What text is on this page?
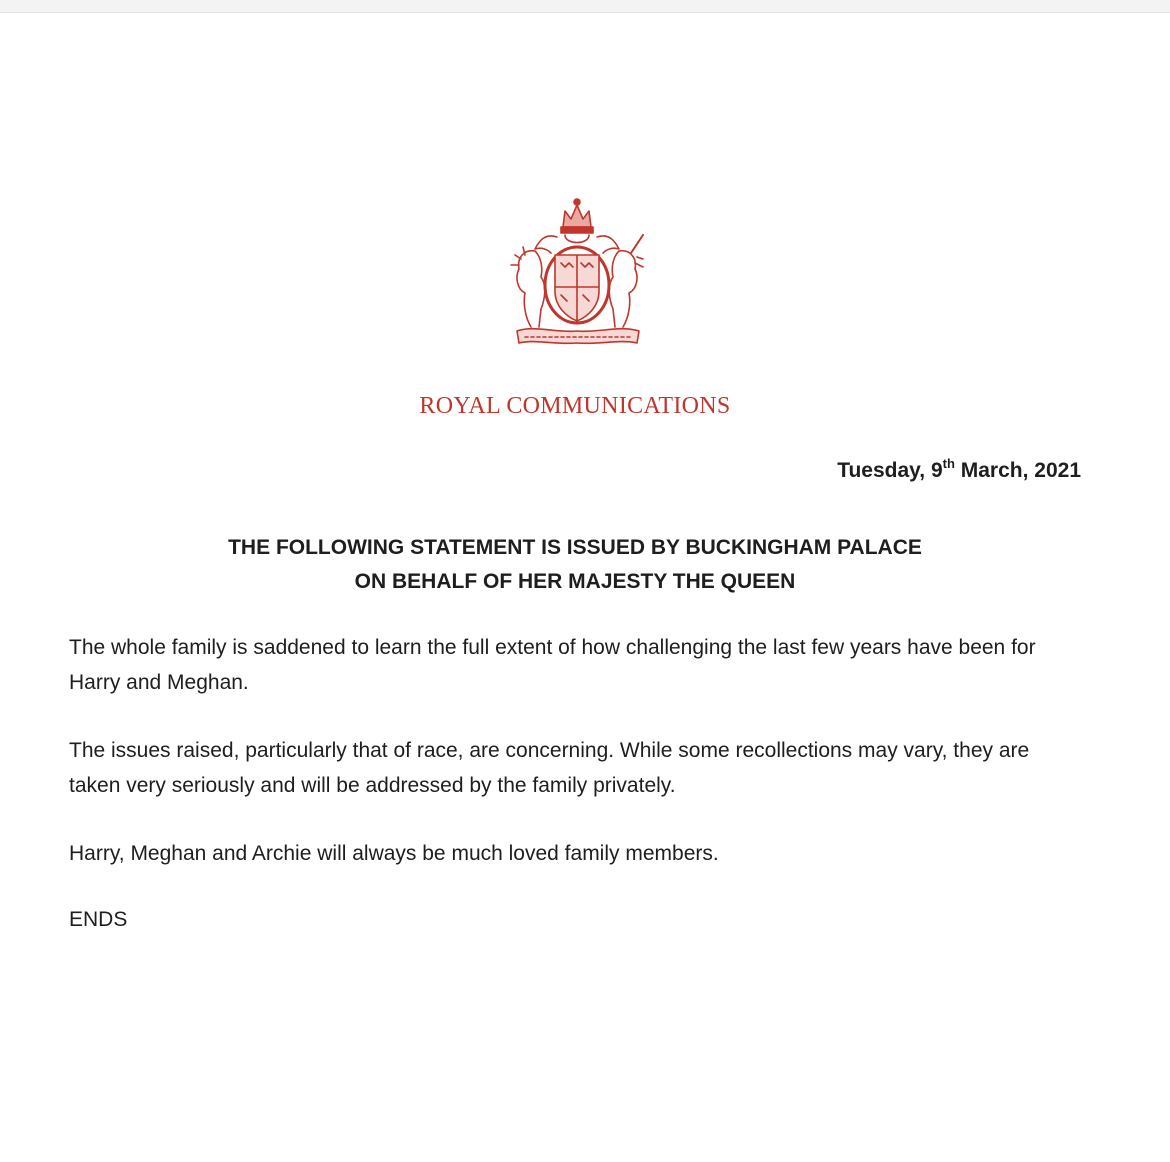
ROYAL COMMUNICATIONS
Tuesday, 9th March, 2021
THE FOLLOWING STATEMENT IS ISSUED BY BUCKINGHAM PALACE
ON BEHALF OF HER MAJESTY THE QUEEN
The whole family is saddened to learn the full extent of how challenging the last few years have been for Harry and Meghan.
The issues raised, particularly that of race, are concerning. While some recollections may vary, they are taken very seriously and will be addressed by the family privately.
Harry, Meghan and Archie will always be much loved family members.
ENDS
